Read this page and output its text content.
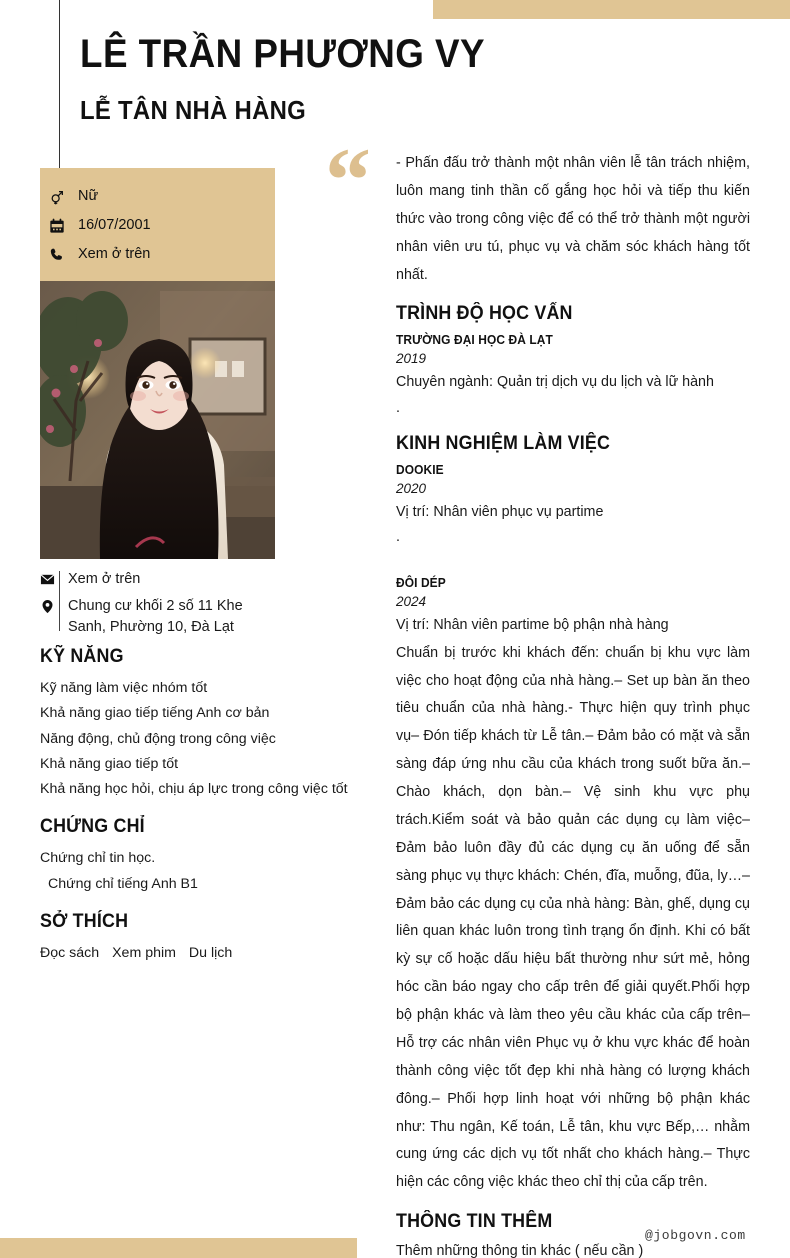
LÊ TRẦN PHƯƠNG VY
LỄ TÂN NHÀ HÀNG
Nữ
16/07/2001
Xem ở trên
Xem ở trên
Chung cư khối 2 số 11 Khe Sanh, Phường 10, Đà Lạt
KỸ NĂNG
Kỹ năng làm việc nhóm tốt
Khả năng giao tiếp tiếng Anh cơ bản
Năng động, chủ động trong công việc
Khả năng giao tiếp tốt
Khả năng học hỏi, chịu áp lực trong công việc tốt
CHỨNG CHỈ
Chứng chỉ tin học.
Chứng chỉ tiếng Anh B1
SỞ THÍCH
Đọc sách Xem phim Du lịch
“ - Phấn đấu trở thành một nhân viên lễ tân trách nhiệm, luôn mang tinh thần cố gắng học hỏi và tiếp thu kiến thức vào trong công việc để có thể trở thành một người nhân viên ưu tú, phục vụ và chăm sóc khách hàng tốt nhất.
TRÌNH ĐỘ HỌC VẤN
TRƯỜNG ĐẠI HỌC ĐÀ LẠT
2019
Chuyên ngành: Quản trị dịch vụ du lịch và lữ hành
.
KINH NGHIỆM LÀM VIỆC
DOOKIE
2020
Vị trí: Nhân viên phục vụ partime
.
ĐÔI DÉP
2024
Vị trí: Nhân viên partime bộ phận nhà hàng
Chuẩn bị trước khi khách đến: chuẩn bị khu vực làm việc cho hoạt động của nhà hàng.– Set up bàn ăn theo tiêu chuẩn của nhà hàng.- Thực hiện quy trình phục vụ– Đón tiếp khách từ Lễ tân.– Đảm bảo có mặt và sẵn sàng đáp ứng nhu cầu của khách trong suốt bữa ăn.– Chào khách, dọn bàn.– Vệ sinh khu vực phụ trách.Kiểm soát và bảo quản các dụng cụ làm việc–Đảm bảo luôn đầy đủ các dụng cụ ăn uống để sẵn sàng phục vụ thực khách: Chén, đĩa, muỗng, đũa, ly…– Đảm bảo các dụng cụ của nhà hàng: Bàn, ghế, dụng cụ liên quan khác luôn trong tình trạng ổn định. Khi có bất kỳ sự cố hoặc dấu hiệu bất thường như sứt mẻ, hỏng hóc cần báo ngay cho cấp trên để giải quyết.Phối hợp bộ phận khác và làm theo yêu cầu khác của cấp trên– Hỗ trợ các nhân viên Phục vụ ở khu vực khác để hoàn thành công việc tốt đẹp khi nhà hàng có lượng khách đông.– Phối hợp linh hoạt với những bộ phận khác như: Thu ngân, Kế toán, Lễ tân, khu vực Bếp,… nhằm cung ứng các dịch vụ tốt nhất cho khách hàng.– Thực hiện các công việc khác theo chỉ thị của cấp trên.
THÔNG TIN THÊM
Thêm những thông tin khác ( nếu cần )
@jobgovn.com
